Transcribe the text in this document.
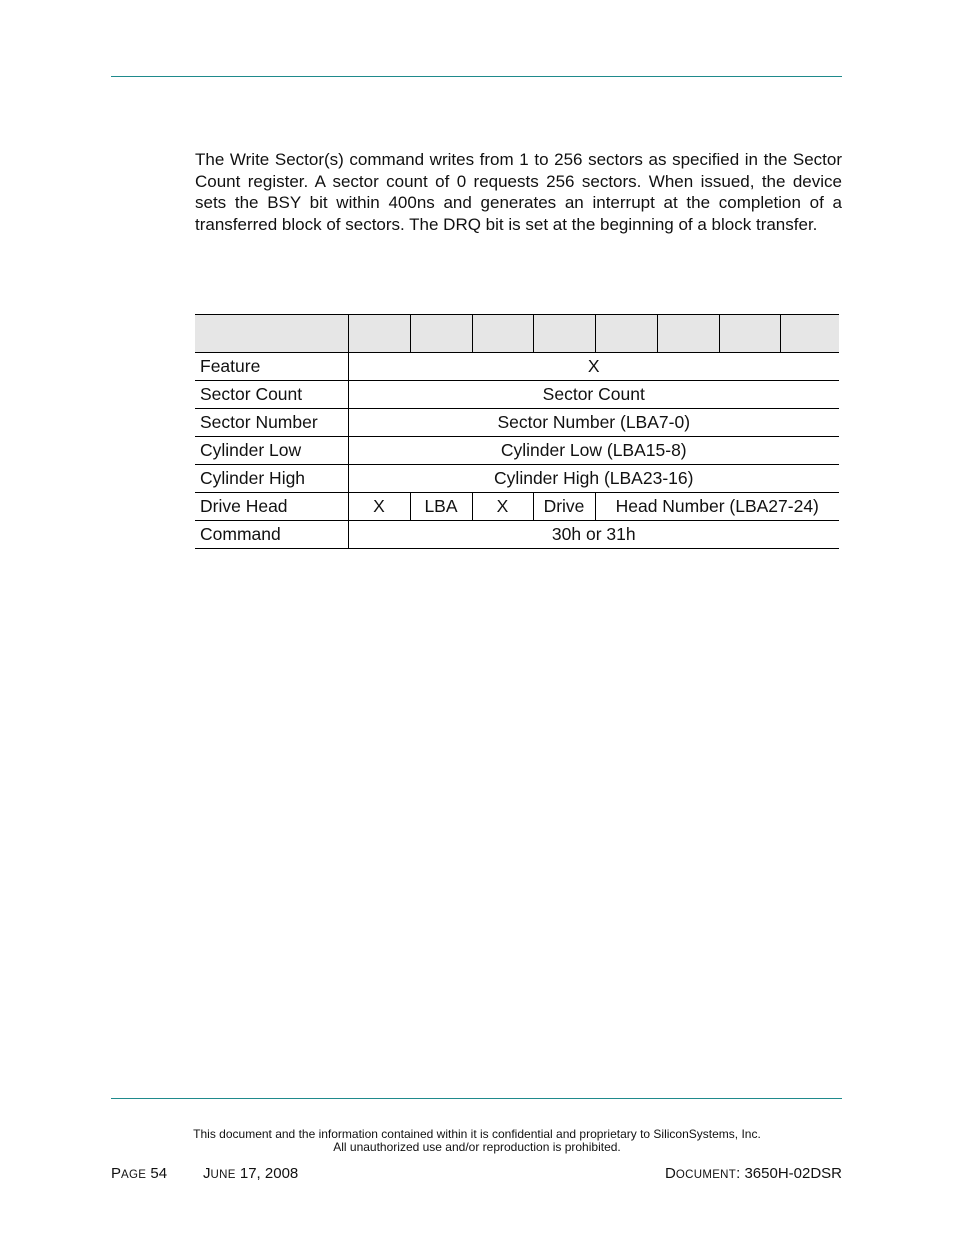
The Write Sector(s) command writes from 1 to 256 sectors as specified in the Sector Count register. A sector count of 0 requests 256 sectors. When issued, the device sets the BSY bit within 400ns and generates an interrupt at the completion of a transferred block of sectors. The DRQ bit is set at the beginning of a block transfer.

Feature	X							
Sector Count	Sector Count							
Sector Number	Sector Number (LBA7-0)							
Cylinder Low	Cylinder Low (LBA15-8)							
Cylinder High	Cylinder High (LBA23-16)							
Drive Head	X	LBA	X	Drive	Head Number (LBA27-24)			
Command	30h or 31h							
This document and the information contained within it is confidential and proprietary to SiliconSystems, Inc.
All unauthorized use and/or reproduction is prohibited.
PAGE 54 JUNE 17, 2008	DOCUMENT: 3650H-02DSR
